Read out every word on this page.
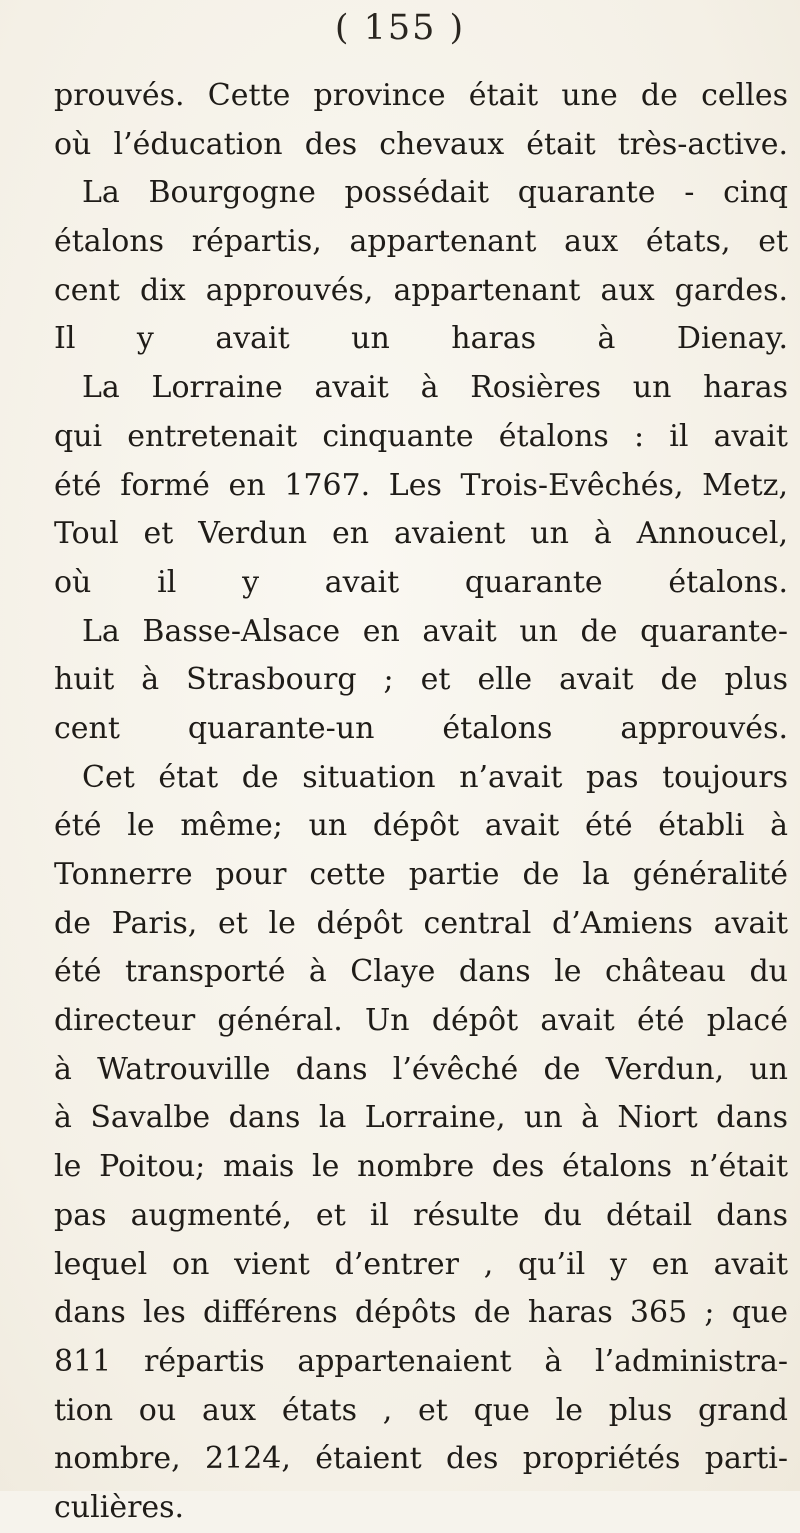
( 155 )
prouvés. Cette province était une de celles
où l’éducation des chevaux était très-active.
La Bourgogne possédait quarante - cinq
étalons répartis, appartenant aux états, et
cent dix approuvés, appartenant aux gardes.
Il y avait un haras à Dienay.
La Lorraine avait à Rosières un haras
qui entretenait cinquante étalons : il avait
été formé en 1767. Les Trois-Evêchés, Metz,
Toul et Verdun en avaient un à Annoucel,
où il y avait quarante étalons.
La Basse-Alsace en avait un de quarante-
huit à Strasbourg ; et elle avait de plus
cent quarante-un étalons approuvés.
Cet état de situation n’avait pas toujours
été le même; un dépôt avait été établi à
Tonnerre pour cette partie de la généralité
de Paris, et le dépôt central d’Amiens avait
été transporté à Claye dans le château du
directeur général. Un dépôt avait été placé
à Watrouville dans l’évêché de Verdun, un
à Savalbe dans la Lorraine, un à Niort dans
le Poitou; mais le nombre des étalons n’était
pas augmenté, et il résulte du détail dans
lequel on vient d’entrer , qu’il y en avait
dans les différens dépôts de haras 365 ; que
811 répartis appartenaient à l’administra-
tion ou aux états , et que le plus grand
nombre, 2124, étaient des propriétés parti-
culières.
